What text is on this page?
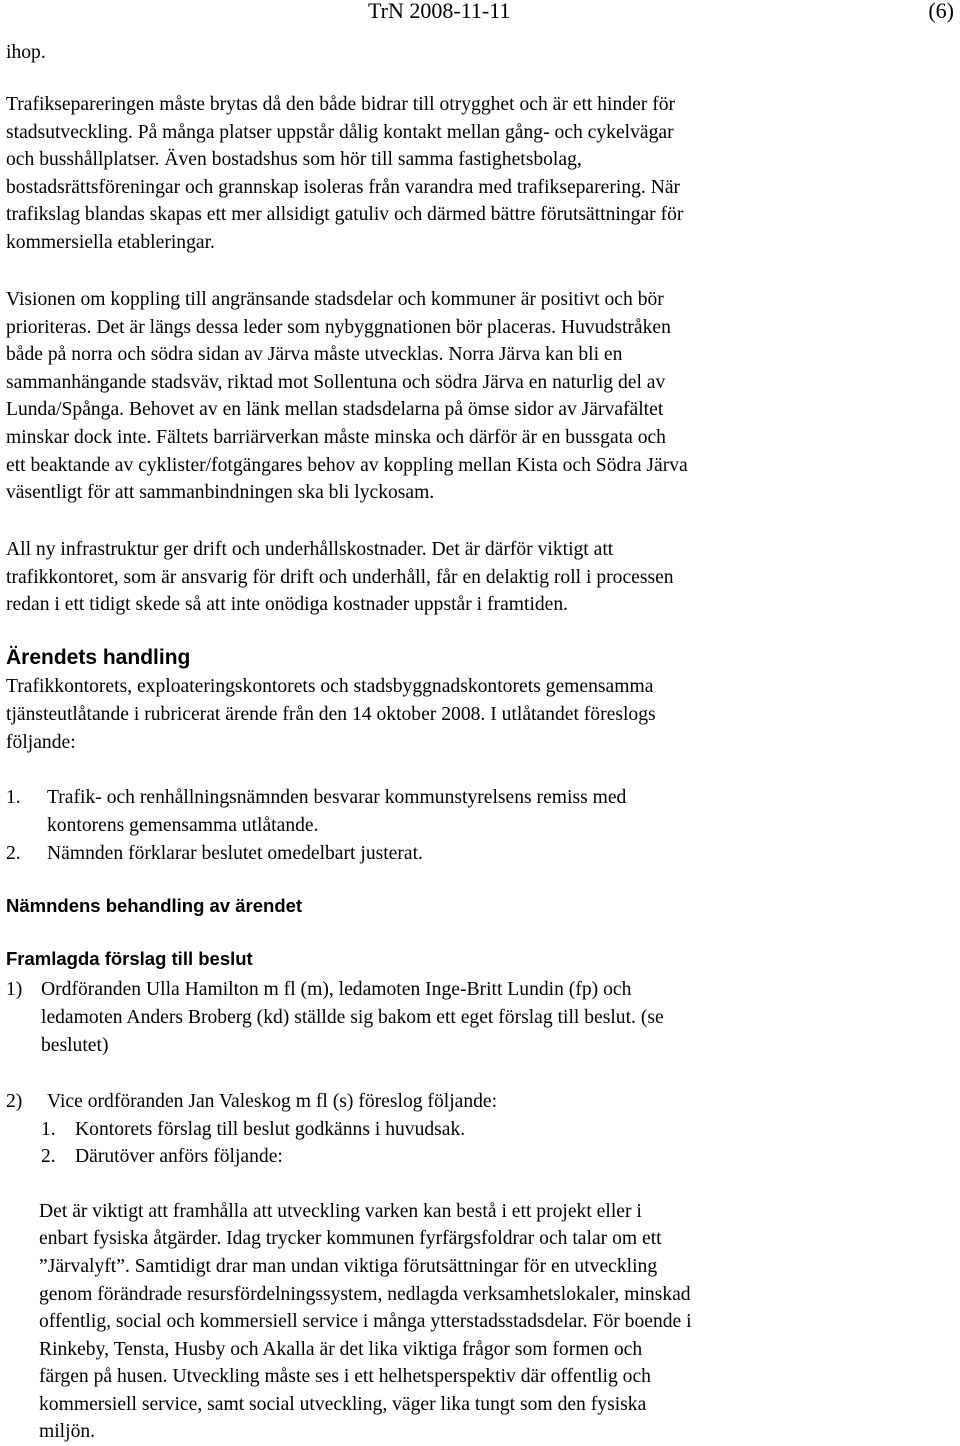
TrN 2008-11-11	(6)
ihop.
Trafiksepareringen måste brytas då den både bidrar till otrygghet och är ett hinder för
stadsutveckling. På många platser uppstår dålig kontakt mellan gång- och cykelvägar
och busshållplatser. Även bostadshus som hör till samma fastighetsbolag,
bostadsrättsföreningar och grannskap isoleras från varandra med trafikseparering. När
trafikslag blandas skapas ett mer allsidigt gatuliv och därmed bättre förutsättningar för
kommersiella etableringar.
Visionen om koppling till angränsande stadsdelar och kommuner är positivt och bör
prioriteras. Det är längs dessa leder som nybyggnationen bör placeras. Huvudstråken
både på norra och södra sidan av Järva måste utvecklas. Norra Järva kan bli en
sammanhängande stadsväv, riktad mot Sollentuna och södra Järva en naturlig del av
Lunda/Spånga. Behovet av en länk mellan stadsdelarna på ömse sidor av Järvafältet
minskar dock inte. Fältets barriärverkan måste minska och därför är en bussgata och
ett beaktande av cyklister/fotgängares behov av koppling mellan Kista och Södra Järva
väsentligt för att sammanbindningen ska bli lyckosam.
All ny infrastruktur ger drift och underhållskostnader. Det är därför viktigt att
trafikkontoret, som är ansvarig för drift och underhåll, får en delaktig roll i processen
redan i ett tidigt skede så att inte onödiga kostnader uppstår i framtiden.
Ärendets handling
Trafikkontorets, exploateringskontorets och stadsbyggnadskontorets gemensamma
tjänsteutlåtande i rubricerat ärende från den 14 oktober 2008. I utlåtandet föreslogs
följande:
1. Trafik- och renhållningsnämnden besvarar kommunstyrelsens remiss med
kontorens gemensamma utlåtande.
2. Nämnden förklarar beslutet omedelbart justerat.
Nämndens behandling av ärendet
Framlagda förslag till beslut
1) Ordföranden Ulla Hamilton m fl (m), ledamoten Inge-Britt Lundin (fp) och
ledamoten Anders Broberg (kd) ställde sig bakom ett eget förslag till beslut. (se
beslutet)
2) Vice ordföranden Jan Valeskog m fl (s) föreslog följande:
1. Kontorets förslag till beslut godkänns i huvudsak.
2. Därutöver anförs följande:
Det är viktigt att framhålla att utveckling varken kan bestå i ett projekt eller i
enbart fysiska åtgärder. Idag trycker kommunen fyrfärgsfoldrar och talar om ett
”Järvalyft”. Samtidigt drar man undan viktiga förutsättningar för en utveckling
genom förändrade resursfördelningssystem, nedlagda verksamhetslokaler, minskad
offentlig, social och kommersiell service i många ytterstadsstadsdelar. För boende i
Rinkeby, Tensta, Husby och Akalla är det lika viktiga frågor som formen och
färgen på husen. Utveckling måste ses i ett helhetsperspektiv där offentlig och
kommersiell service, samt social utveckling, väger lika tungt som den fysiska
miljön.
